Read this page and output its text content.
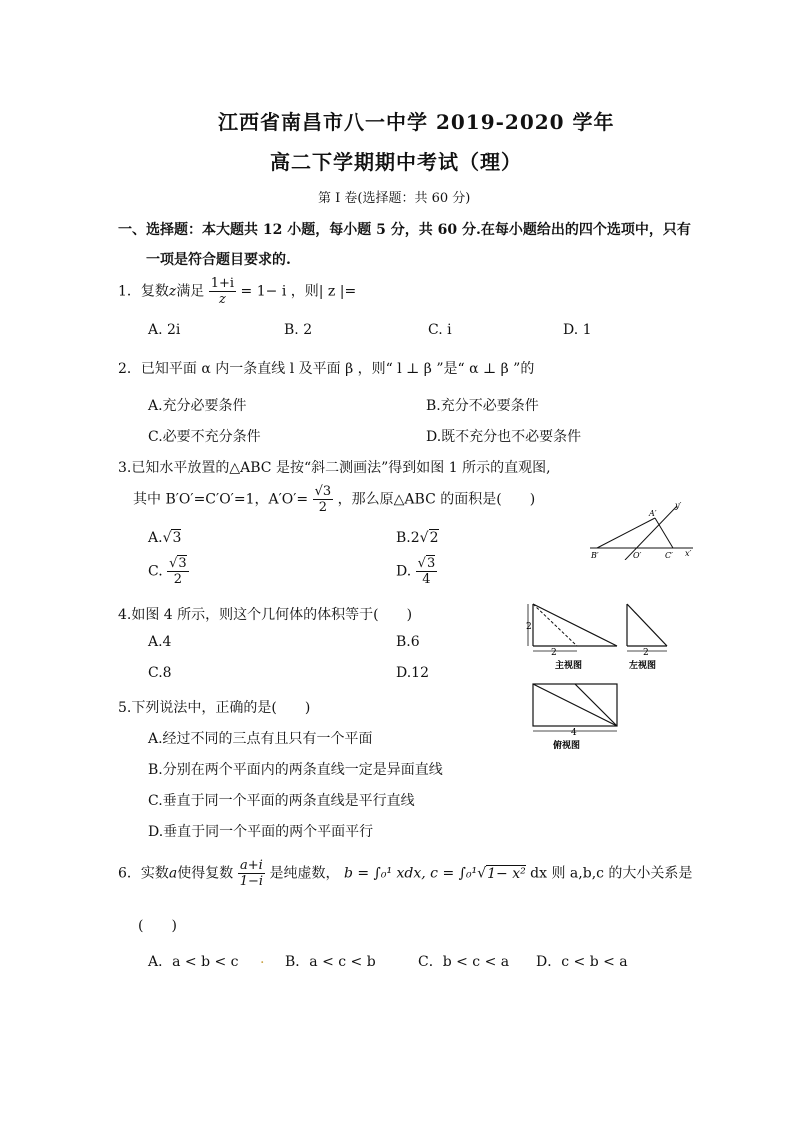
江西省南昌市八一中学 2019-2020 学年
高二下学期期中考试（理）
第 I 卷(选择题：共 60 分)
一、选择题：本大题共 12 小题，每小题 5 分，共 60 分.在每小题给出的四个选项中，只有
一项是符合题目要求的.
1．复数z满足 $\frac{1+i}{z} = 1- i$ ，则| z |=
A. 2i	B. 2	C. i	D. 1
2．已知平面 α 内一条直线 l 及平面 β ，则“ l ⊥ β ”是“ α ⊥ β ”的
A.充分必要条件	B.充分不必要条件
C.必要不充分条件	D.既不充分也不必要条件
3.已知水平放置的△ABC 是按“斜二测画法”得到如图 1 所示的直观图,
其中 B′O′=C′O′=1，$A'O'= \frac{√3}{2}$ ，那么原△ABC 的面积是(　　)
A.√3	B.2√2
C. $\frac{√3}{2}$	D. $\frac{√3}{4}$
A′
y′
B′	O′	C′ x′
4.如图 4 所示，则这个几何体的体积等于(　　)
A.4	B.6
C.8	D.12
2
2
主视图
2
左视图
4
俯视图
5.下列说法中，正确的是(　　)
A.经过不同的三点有且只有一个平面
B.分别在两个平面内的两条直线一定是异面直线
C.垂直于同一个平面的两条直线是平行直线
D.垂直于同一个平面的两个平面平行
6．实数a使得复数 $\frac{a+i}{1-i}$ 是纯虚数， b = ∫₀¹ xdx, c = ∫₀¹√1− x² dx 则 a,b,c 的大小关系是
(　　)
A．a < b < c . B．a < c < b	C．b < c < a D．c < b < a
